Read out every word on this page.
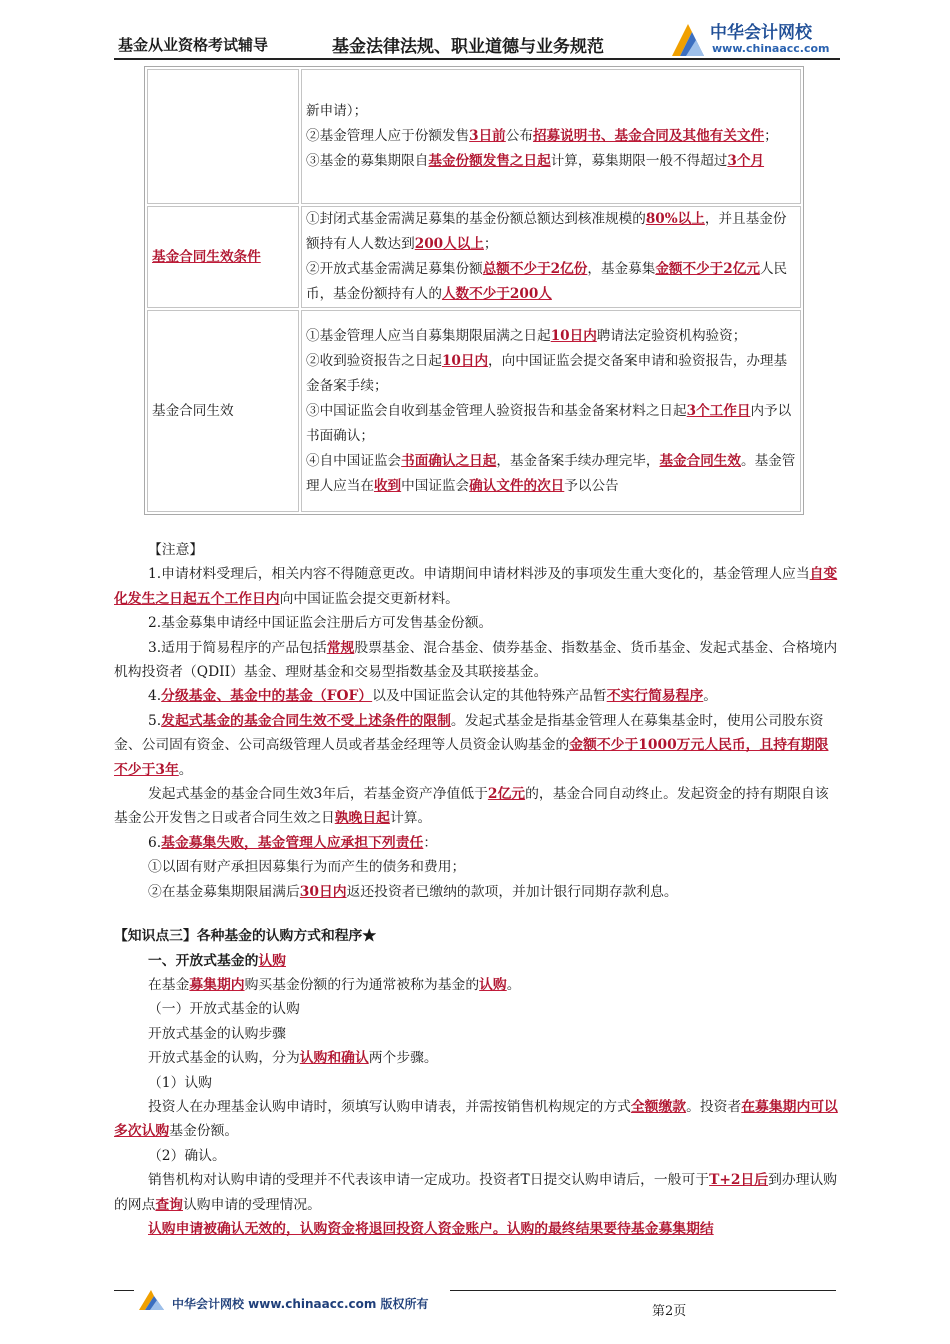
基金从业资格考试辅导	基金法律法规、职业道德与业务规范
中华会计网校
www.chinaacc.com

	新申请）；
②基金管理人应于份额发售3日前公布招募说明书、基金合同及其他有关文件；
③基金的募集期限自基金份额发售之日起计算，募集期限一般不得超过3个月

基金合同生效条件	①封闭式基金需满足募集的基金份额总额达到核准规模的80%以上，并且基金份额持有人人数达到200人以上；
②开放式基金需满足募集份额总额不少于2亿份，基金募集金额不少于2亿元人民币，基金份额持有人的人数不少于200人

基金合同生效	①基金管理人应当自募集期限届满之日起10日内聘请法定验资机构验资；
②收到验资报告之日起10日内，向中国证监会提交备案申请和验资报告，办理基金备案手续；
③中国证监会自收到基金管理人验资报告和基金备案材料之日起3个工作日内予以书面确认；
④自中国证监会书面确认之日起，基金备案手续办理完毕，基金合同生效。基金管理人应当在收到中国证监会确认文件的次日予以公告

【注意】

1.申请材料受理后，相关内容不得随意更改。申请期间申请材料涉及的事项发生重大变化的，基金管理人应当自变化发生之日起五个工作日内向中国证监会提交更新材料。

2.基金募集申请经中国证监会注册后方可发售基金份额。

3.适用于简易程序的产品包括常规股票基金、混合基金、债券基金、指数基金、货币基金、发起式基金、合格境内机构投资者（QDII）基金、理财基金和交易型指数基金及其联接基金。

4.分级基金、基金中的基金（FOF）以及中国证监会认定的其他特殊产品暂不实行简易程序。

5.发起式基金的基金合同生效不受上述条件的限制。发起式基金是指基金管理人在募集基金时，使用公司股东资金、公司固有资金、公司高级管理人员或者基金经理等人员资金认购基金的金额不少于1000万元人民币，且持有期限不少于3年。

发起式基金的基金合同生效3年后，若基金资产净值低于2亿元的，基金合同自动终止。发起资金的持有期限自该基金公开发售之日或者合同生效之日孰晚日起计算。

6.基金募集失败，基金管理人应承担下列责任：

①以固有财产承担因募集行为而产生的债务和费用；

②在基金募集期限届满后30日内返还投资者已缴纳的款项，并加计银行同期存款利息。

【知识点三】各种基金的认购方式和程序★

一、开放式基金的认购

在基金募集期内购买基金份额的行为通常被称为基金的认购。

（一）开放式基金的认购

开放式基金的认购步骤

开放式基金的认购，分为认购和确认两个步骤。

（1）认购

投资人在办理基金认购申请时，须填写认购申请表，并需按销售机构规定的方式全额缴款。投资者在募集期内可以多次认购基金份额。

（2）确认。

销售机构对认购申请的受理并不代表该申请一定成功。投资者T日提交认购申请后，一般可于T+2日后到办理认购的网点查询认购申请的受理情况。

认购申请被确认无效的，认购资金将退回投资人资金账户。认购的最终结果要待基金募集期结

中华会计网校 www.chinaacc.com 版权所有	第2页
